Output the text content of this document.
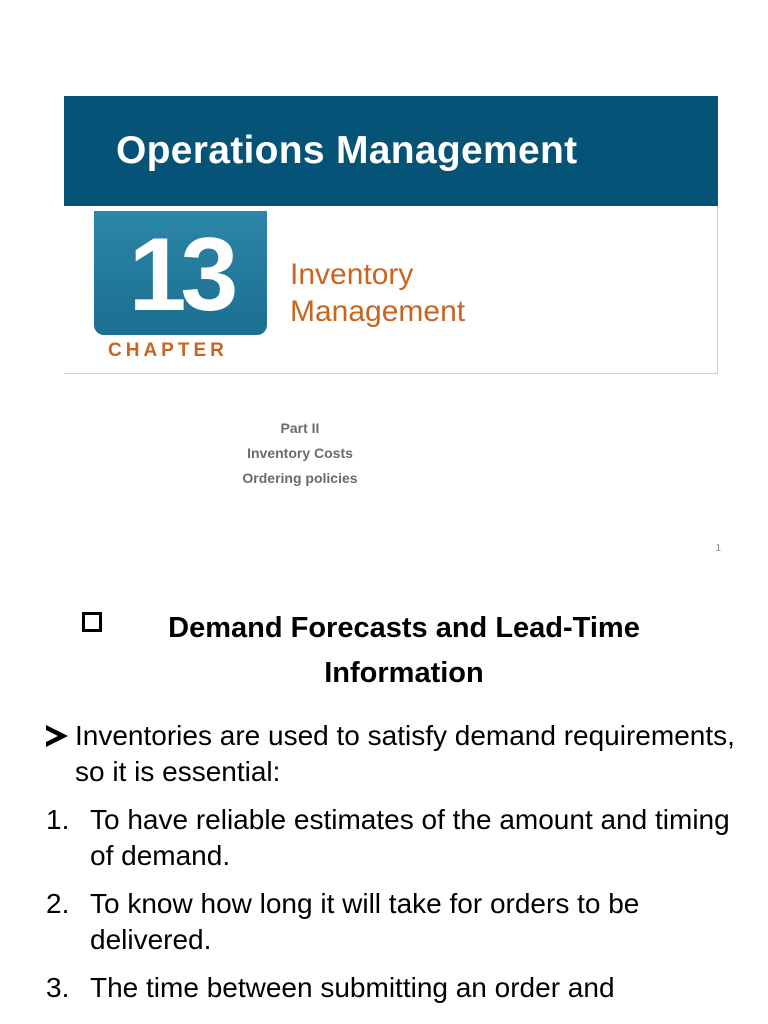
Operations Management
13
CHAPTER
Inventory
Management
Part II
Inventory Costs
Ordering policies
1
Demand Forecasts and Lead-Time Information
Inventories are used to satisfy demand requirements, so it is essential:
1. To have reliable estimates of the amount and timing of demand.
2. To know how long it will take for orders to be delivered.
3. The time between submitting an order and
